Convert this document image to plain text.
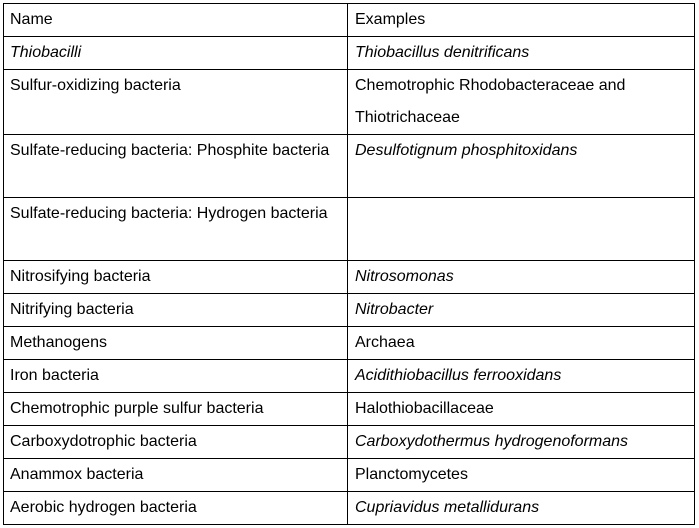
Name	Examples
Thiobacilli	Thiobacillus denitrificans
Sulfur-oxidizing bacteria	Chemotrophic Rhodobacteraceae and Thiotrichaceae
Sulfate-reducing bacteria: Phosphite bacteria	Desulfotignum phosphitoxidans
Sulfate-reducing bacteria: Hydrogen bacteria	
Nitrosifying bacteria	Nitrosomonas
Nitrifying bacteria	Nitrobacter
Methanogens	Archaea
Iron bacteria	Acidithiobacillus ferrooxidans
Chemotrophic purple sulfur bacteria	Halothiobacillaceae
Carboxydotrophic bacteria	Carboxydothermus hydrogenoformans
Anammox bacteria	Planctomycetes
Aerobic hydrogen bacteria	Cupriavidus metallidurans
